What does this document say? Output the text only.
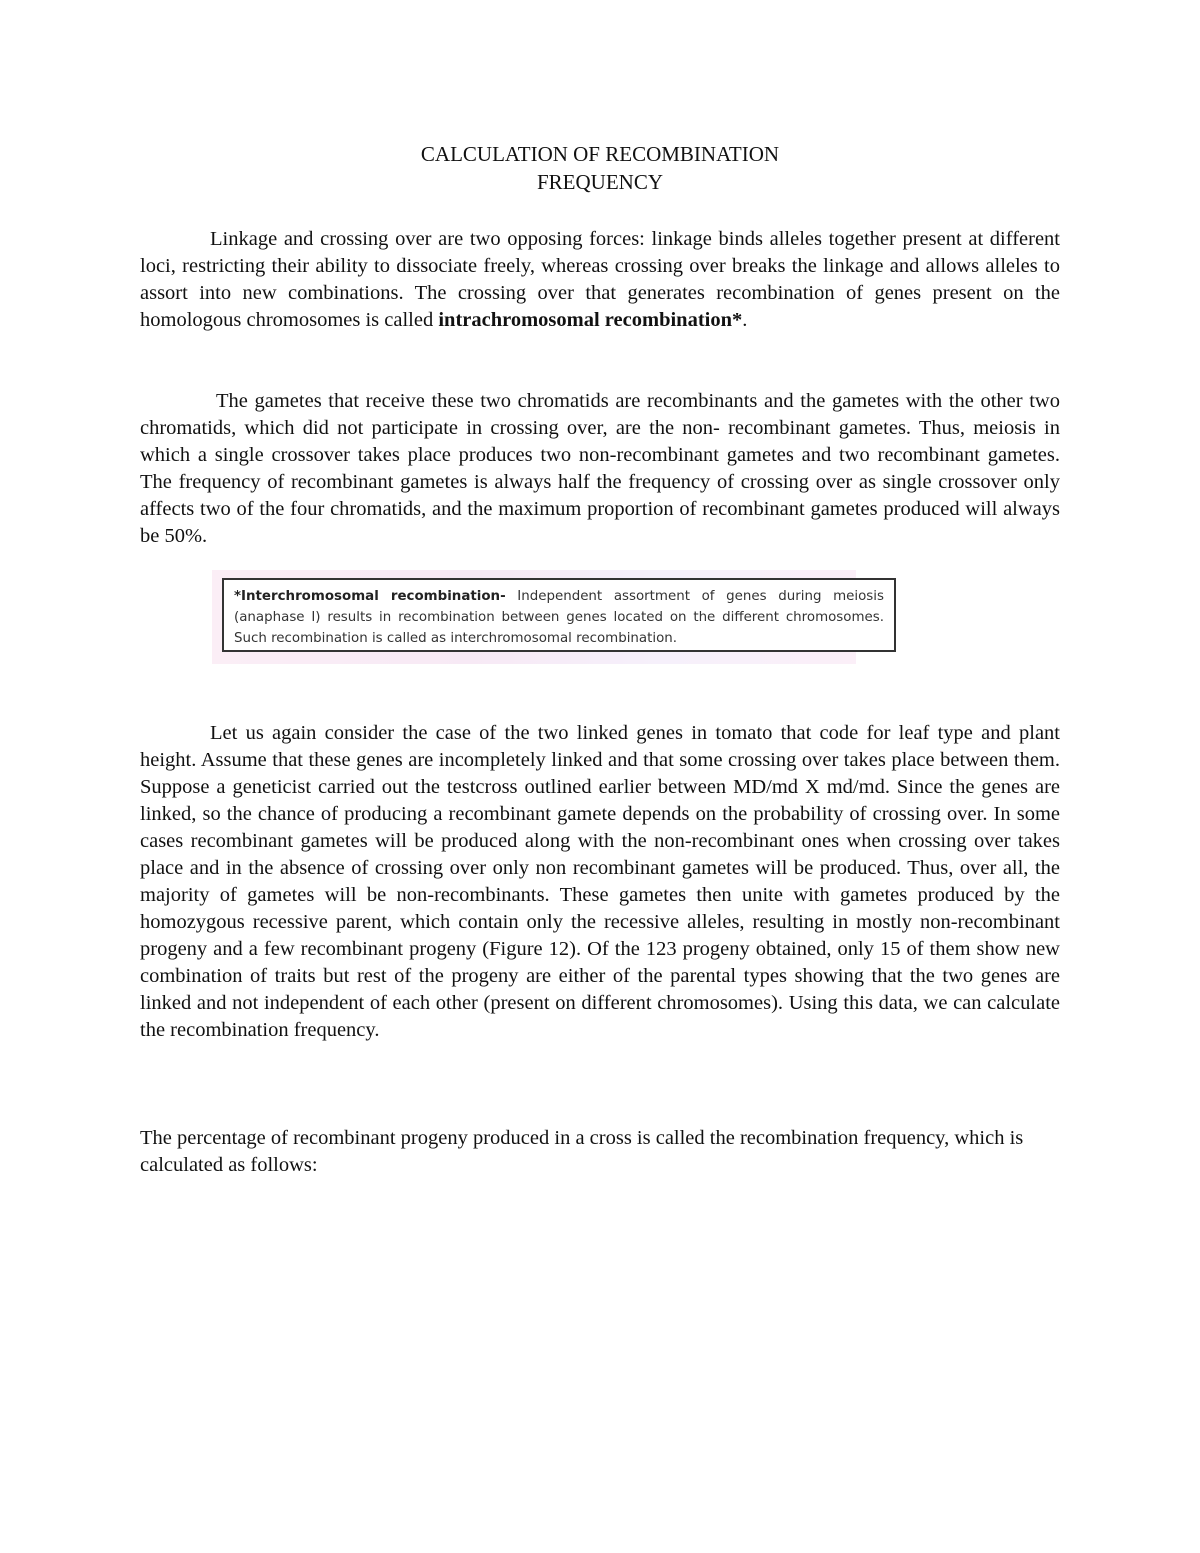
CALCULATION OF RECOMBINATION
FREQUENCY

Linkage and crossing over are two opposing forces: linkage binds alleles together present at different loci, restricting their ability to dissociate freely, whereas crossing over breaks the linkage and allows alleles to assort into new combinations. The crossing over that generates recombination of genes present on the homologous chromosomes is called intrachromosomal recombination*.

The gametes that receive these two chromatids are recombinants and the gametes with the other two chromatids, which did not participate in crossing over, are the non- recombinant gametes. Thus, meiosis in which a single crossover takes place produces two non-recombinant gametes and two recombinant gametes. The frequency of recombinant gametes is always half the frequency of crossing over as single crossover only affects two of the four chromatids, and the maximum proportion of recombinant gametes produced will always be 50%.

*Interchromosomal recombination- Independent assortment of genes during meiosis (anaphase I) results in recombination between genes located on the different chromosomes. Such recombination is called as interchromosomal recombination.

Let us again consider the case of the two linked genes in tomato that code for leaf type and plant height. Assume that these genes are incompletely linked and that some crossing over takes place between them. Suppose a geneticist carried out the testcross outlined earlier between MD/md X md/md. Since the genes are linked, so the chance of producing a recombinant gamete depends on the probability of crossing over. In some cases recombinant gametes will be produced along with the non-recombinant ones when crossing over takes place and in the absence of crossing over only non recombinant gametes will be produced. Thus, over all, the majority of gametes will be non-recombinants. These gametes then unite with gametes produced by the homozygous recessive parent, which contain only the recessive alleles, resulting in mostly non-recombinant progeny and a few recombinant progeny (Figure 12). Of the 123 progeny obtained, only 15 of them show new combination of traits but rest of the progeny are either of the parental types showing that the two genes are linked and not independent of each other (present on different chromosomes). Using this data, we can calculate the recombination frequency.

The percentage of recombinant progeny produced in a cross is called the recombination frequency, which is calculated as follows:
